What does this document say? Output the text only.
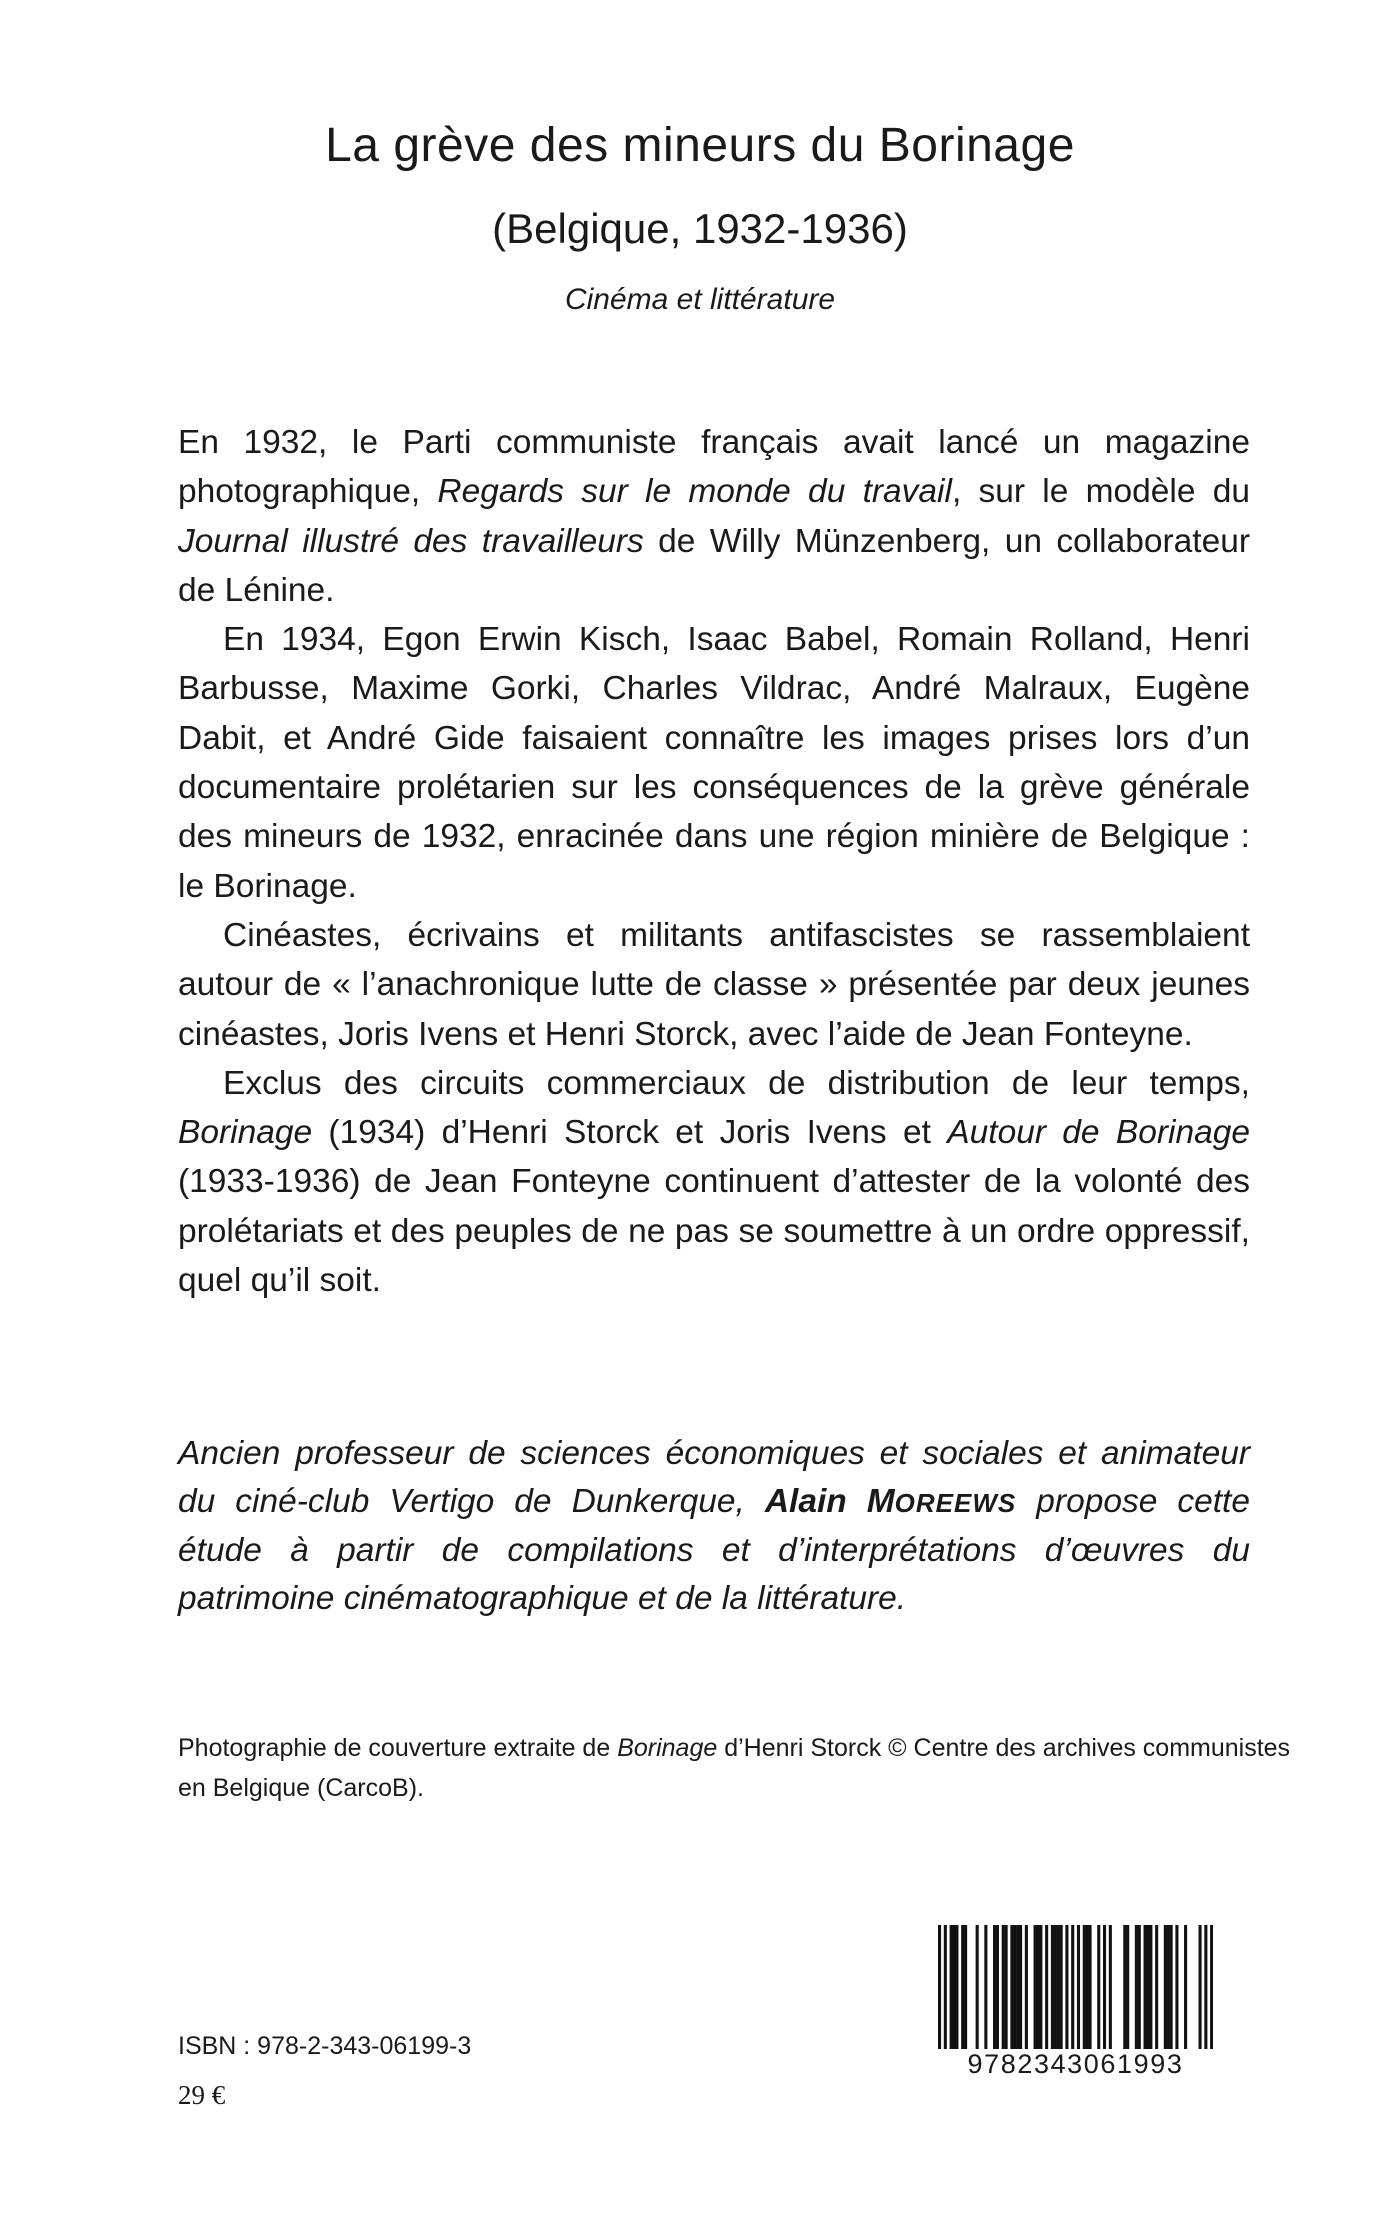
La grève des mineurs du Borinage
(Belgique, 1932-1936)
Cinéma et littérature

En 1932, le Parti communiste français avait lancé un magazine photographique, Regards sur le monde du travail, sur le modèle du Journal illustré des travailleurs de Willy Münzenberg, un collaborateur de Lénine.

En 1934, Egon Erwin Kisch, Isaac Babel, Romain Rolland, Henri Barbusse, Maxime Gorki, Charles Vildrac, André Malraux, Eugène Dabit, et André Gide faisaient connaître les images prises lors d’un documentaire prolétarien sur les conséquences de la grève générale des mineurs de 1932, enracinée dans une région minière de Belgique : le Borinage.

Cinéastes, écrivains et militants antifascistes se rassemblaient autour de « l’anachronique lutte de classe » présentée par deux jeunes cinéastes, Joris Ivens et Henri Storck, avec l’aide de Jean Fonteyne.

Exclus des circuits commerciaux de distribution de leur temps, Borinage (1934) d’Henri Storck et Joris Ivens et Autour de Borinage (1933-1936) de Jean Fonteyne continuent d’attester de la volonté des prolétariats et des peuples de ne pas se soumettre à un ordre oppressif, quel qu’il soit.

Ancien professeur de sciences économiques et sociales et animateur du ciné-club Vertigo de Dunkerque, Alain MOREEWS propose cette étude à partir de compilations et d’interprétations d’œuvres du patrimoine cinématographique et de la littérature.
Photographie de couverture extraite de Borinage d’Henri Storck © Centre des archives communistes en Belgique (CarcoB).
9782343061993
ISBN : 978-2-343-06199-3
29 €
